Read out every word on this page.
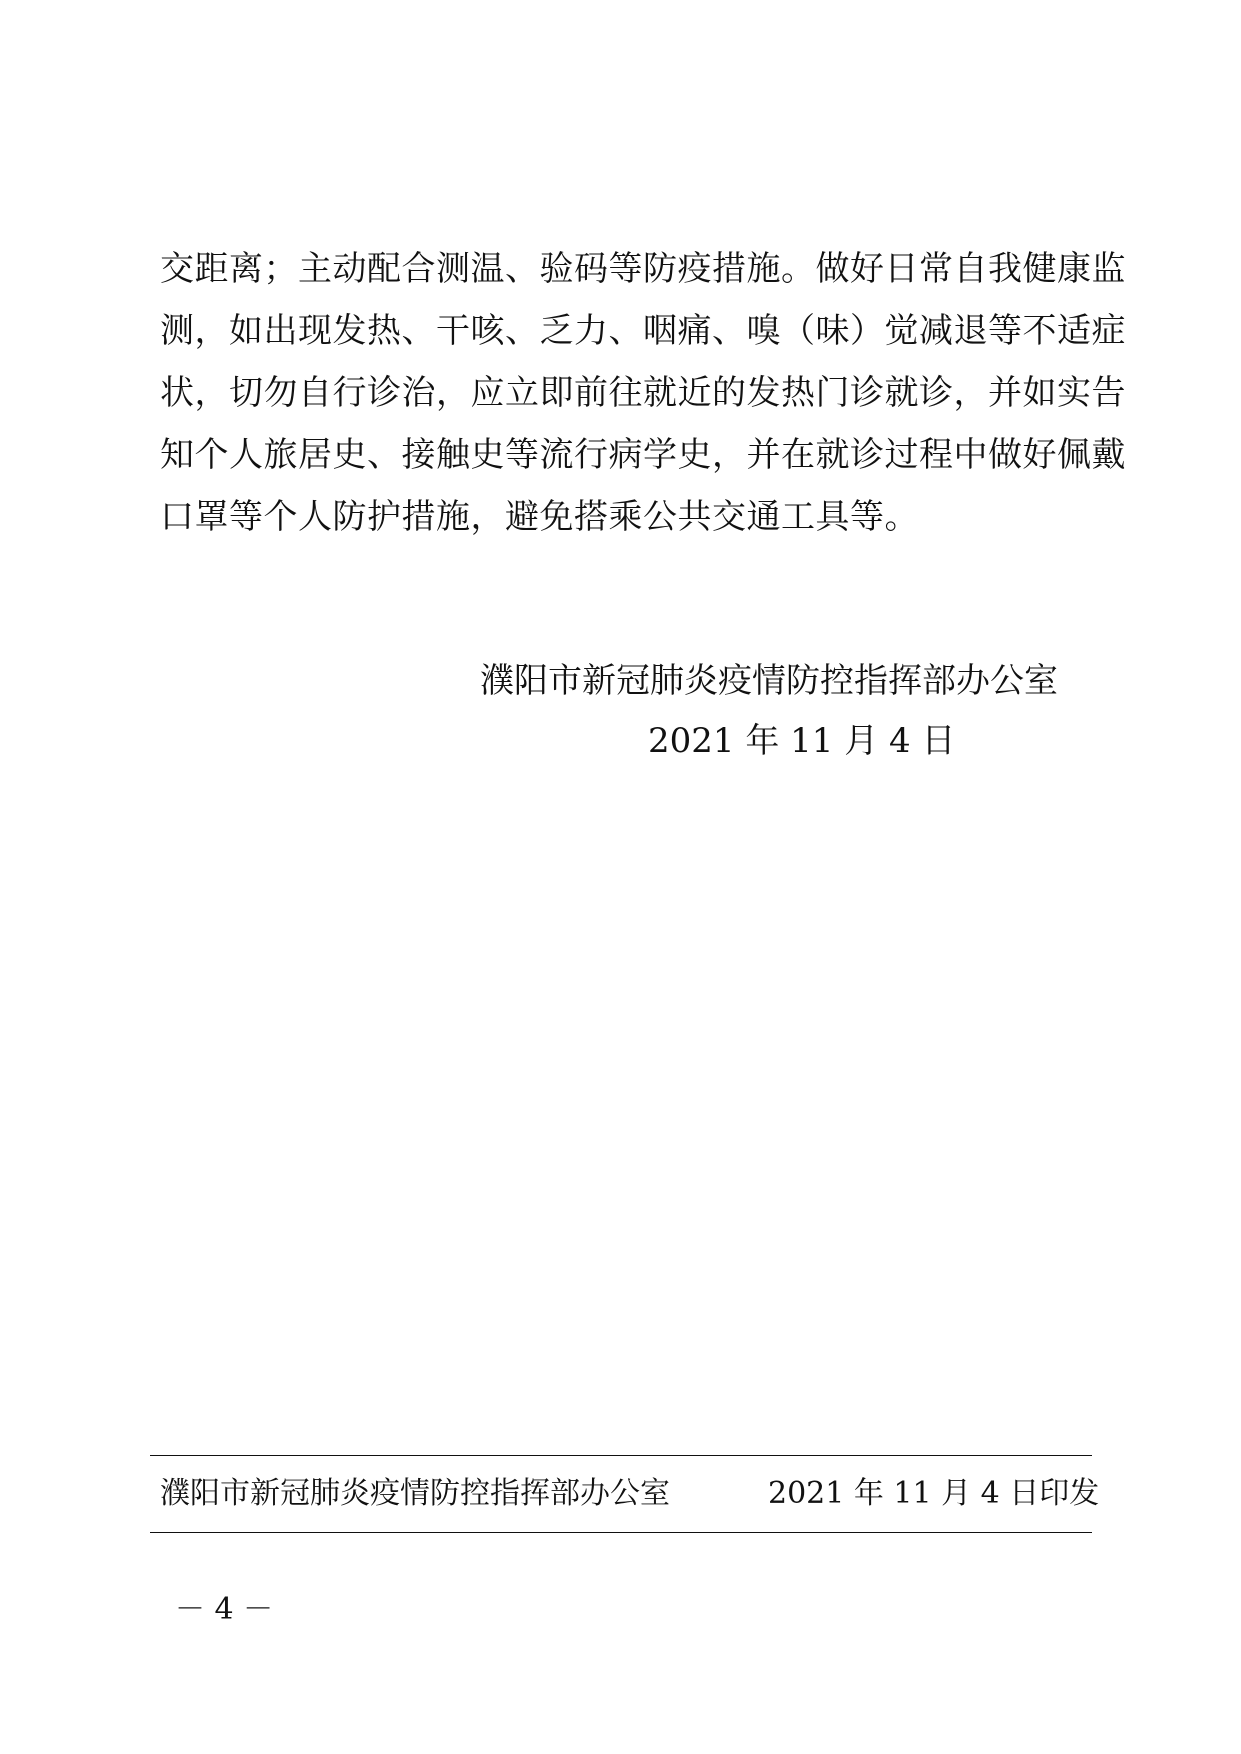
交距离；主动配合测温、验码等防疫措施。做好日常自我健康监
测，如出现发热、干咳、乏力、咽痛、嗅（味）觉减退等不适症
状，切勿自行诊治，应立即前往就近的发热门诊就诊，并如实告
知个人旅居史、接触史等流行病学史，并在就诊过程中做好佩戴
口罩等个人防护措施，避免搭乘公共交通工具等。
濮阳市新冠肺炎疫情防控指挥部办公室
2021 年 11 月 4 日
濮阳市新冠肺炎疫情防控指挥部办公室	2021 年 11 月 4 日印发
－ 4 －
